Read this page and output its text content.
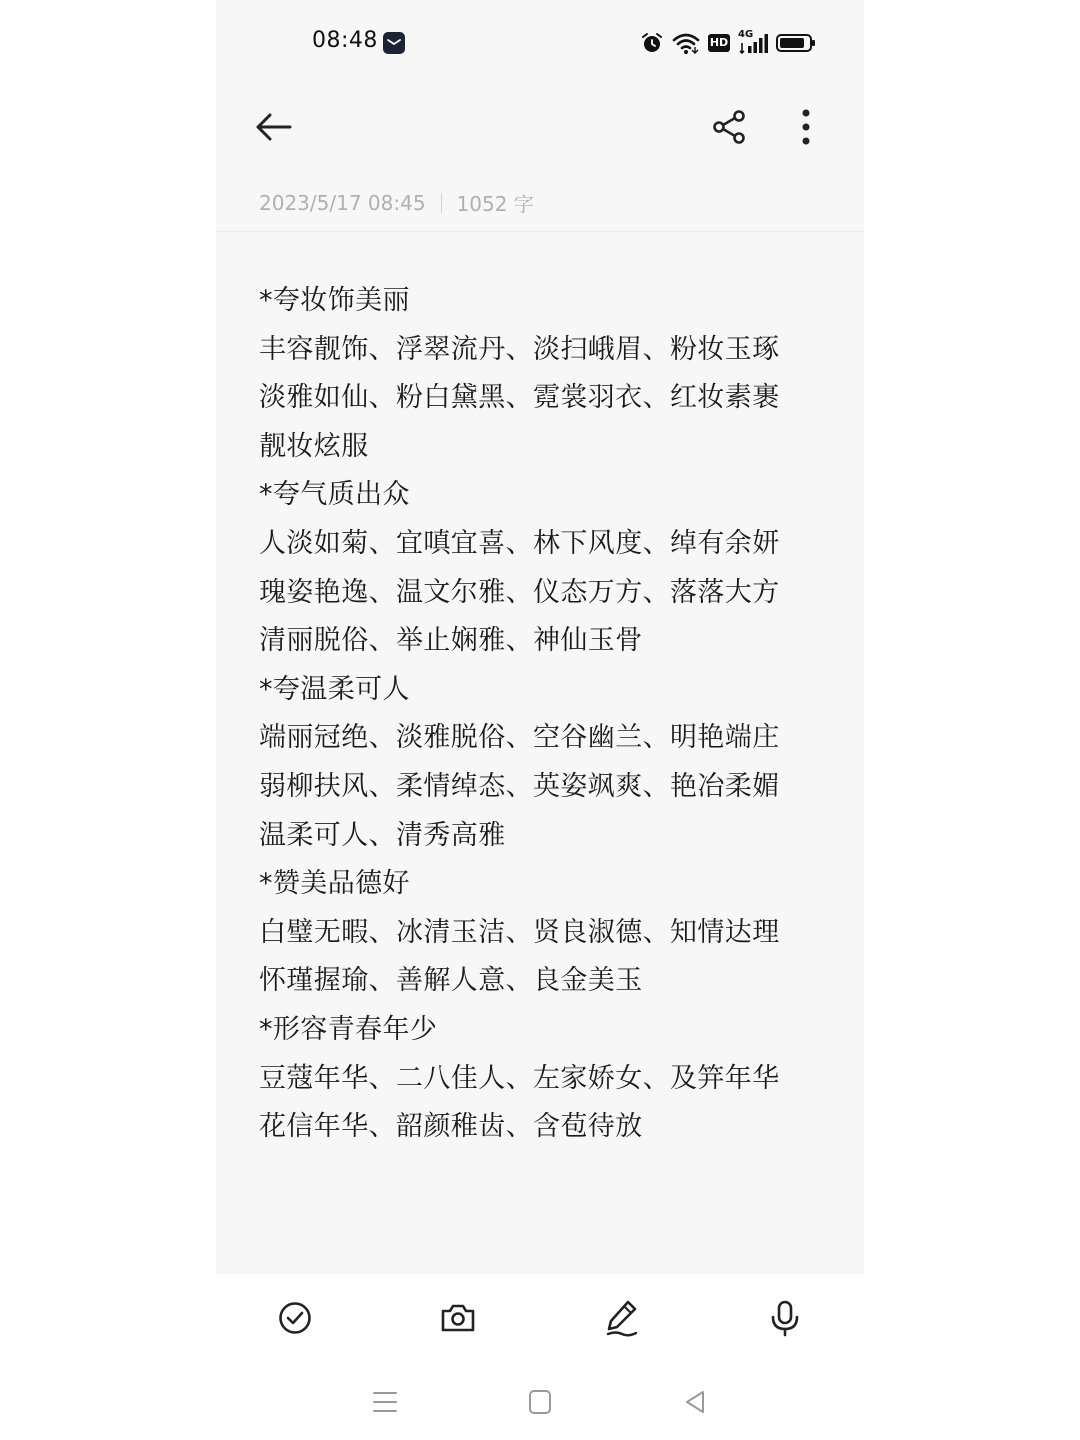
08:48	HD
4G
2023/5/17 08:45 1052 字
*夸妆饰美丽
丰容靓饰、浮翠流丹、淡扫峨眉、粉妆玉琢
淡雅如仙、粉白黛黑、霓裳羽衣、红妆素裹
靓妆炫服
*夸气质出众
人淡如菊、宜嗔宜喜、林下风度、绰有余妍
瑰姿艳逸、温文尔雅、仪态万方、落落大方
清丽脱俗、举止娴雅、神仙玉骨
*夸温柔可人
端丽冠绝、淡雅脱俗、空谷幽兰、明艳端庄
弱柳扶风、柔情绰态、英姿飒爽、艳冶柔媚
温柔可人、清秀高雅
*赞美品德好
白璧无暇、冰清玉洁、贤良淑德、知情达理
怀瑾握瑜、善解人意、良金美玉
*形容青春年少
豆蔻年华、二八佳人、左家娇女、及笄年华
花信年华、韶颜稚齿、含苞待放
